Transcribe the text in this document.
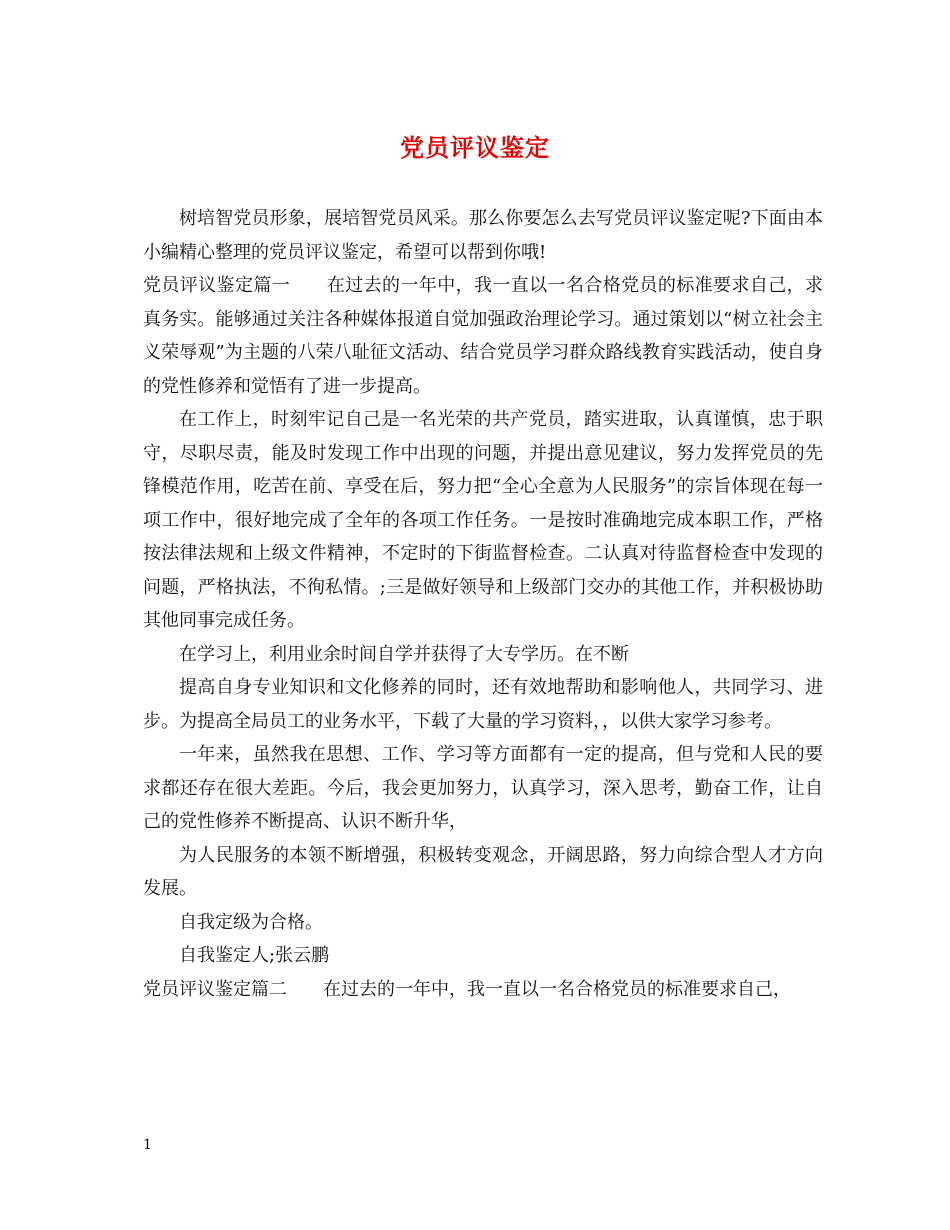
党员评议鉴定

树培智党员形象，展培智党员风采。那么你要怎么去写党员评议鉴定呢?下面由本小编精心整理的党员评议鉴定，希望可以帮到你哦!

党员评议鉴定篇一　　在过去的一年中，我一直以一名合格党员的标准要求自己，求真务实。能够通过关注各种媒体报道自觉加强政治理论学习。通过策划以“树立社会主义荣辱观”为主题的八荣八耻征文活动、结合党员学习群众路线教育实践活动，使自身的党性修养和觉悟有了进一步提高。

在工作上，时刻牢记自己是一名光荣的共产党员，踏实进取，认真谨慎，忠于职守，尽职尽责，能及时发现工作中出现的问题，并提出意见建议，努力发挥党员的先锋模范作用，吃苦在前、享受在后，努力把“全心全意为人民服务”的宗旨体现在每一项工作中，很好地完成了全年的各项工作任务。一是按时准确地完成本职工作，严格按法律法规和上级文件精神，不定时的下街监督检查。二认真对待监督检查中发现的问题，严格执法，不徇私情。;三是做好领导和上级部门交办的其他工作，并积极协助其他同事完成任务。

在学习上，利用业余时间自学并获得了大专学历。在不断

提高自身专业知识和文化修养的同时，还有效地帮助和影响他人，共同学习、进步。为提高全局员工的业务水平，下载了大量的学习资料，，以供大家学习参考。

一年来，虽然我在思想、工作、学习等方面都有一定的提高，但与党和人民的要求都还存在很大差距。今后，我会更加努力，认真学习，深入思考，勤奋工作，让自己的党性修养不断提高、认识不断升华，

为人民服务的本领不断增强，积极转变观念，开阔思路，努力向综合型人才方向发展。

自我定级为合格。

自我鉴定人;张云鹏

党员评议鉴定篇二　　在过去的一年中，我一直以一名合格党员的标准要求自己，

1
